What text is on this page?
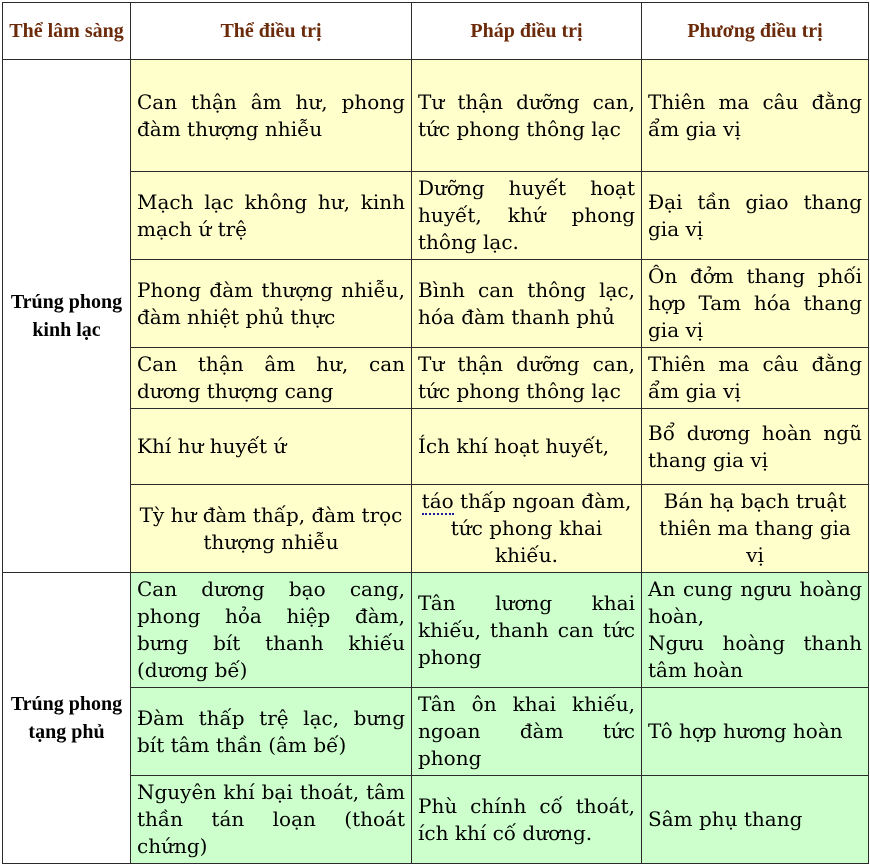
Thể lâm sàng	Thể điều trị	Pháp điều trị	Phương điều trị
Trúng phong kinh lạc	Can thận âm hư, phong đàm thượng nhiễu	Tư thận dưỡng can, tức phong thông lạc	Thiên ma câu đằng ẩm gia vị
	Mạch lạc không hư, kinh mạch ứ trệ	Dưỡng huyết hoạt huyết, khứ phong thông lạc.	Đại tần giao thang gia vị
	Phong đàm thượng nhiễu, đàm nhiệt phủ thực	Bình can thông lạc, hóa đàm thanh phủ	Ôn đởm thang phối hợp Tam hóa thang gia vị
	Can thận âm hư, can dương thượng cang	Tư thận dưỡng can, tức phong thông lạc	Thiên ma câu đằng ẩm gia vị
	Khí hư huyết ứ	Ích khí hoạt huyết,	Bổ dương hoàn ngũ thang gia vị
	Tỳ hư đàm thấp, đàm trọc thượng nhiễu	táo thấp ngoan đàm, tức phong khai khiếu.	Bán hạ bạch truật thiên ma thang gia vị
Trúng phong tạng phủ	Can dương bạo cang, phong hỏa hiệp đàm, bưng bít thanh khiếu (dương bế)	Tân lương khai khiếu, thanh can tức phong	An cung ngưu hoàng hoàn,
Ngưu hoàng thanh tâm hoàn

	Đàm thấp trệ lạc, bưng bít tâm thần (âm bế)	Tân ôn khai khiếu, ngoan đàm tức phong	Tô hợp hương hoàn
	Nguyên khí bại thoát, tâm thần tán loạn (thoát chứng)	Phù chính cố thoát, ích khí cố dương.	Sâm phụ thang
